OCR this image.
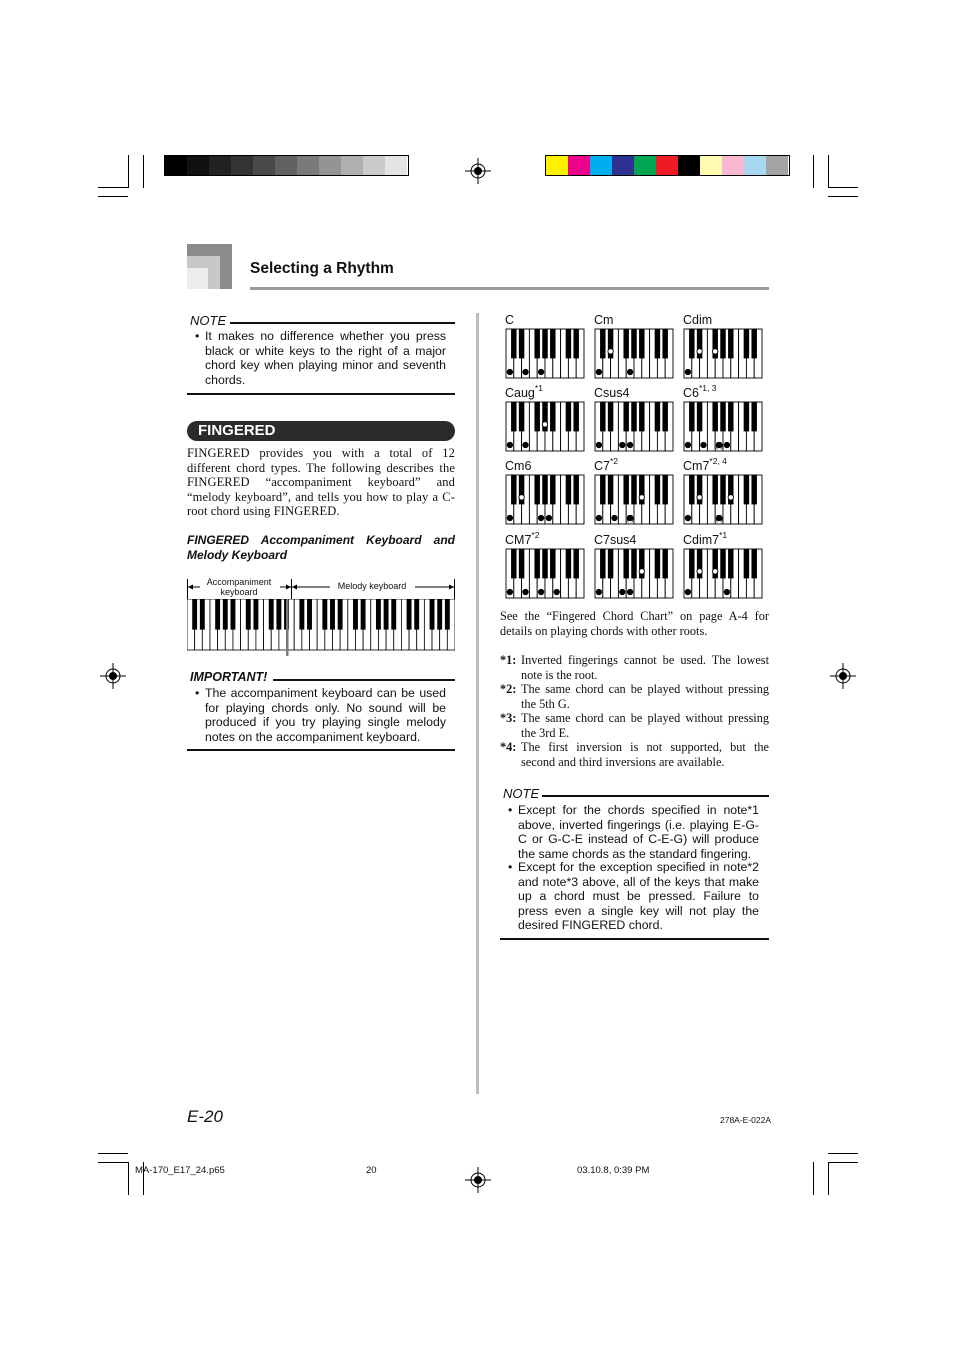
Selecting a Rhythm
NOTE
• It makes no difference whether you press black or white keys to the right of a major chord key when playing minor and seventh chords.
FINGERED
FINGERED provides you with a total of 12 different chord types. The following describes the FINGERED “accompaniment keyboard” and “melody keyboard”, and tells you how to play a C-root chord using FINGERED.
FINGERED Accompaniment Keyboard and Melody Keyboard
Accompaniment keyboard
Melody keyboard
IMPORTANT!
• The accompaniment keyboard can be used for playing chords only. No sound will be produced if you try playing single melody notes on the accompaniment keyboard.
C	Cm	Cdim
Caug$^{*1}$	Csus4	C6$^{*1, 3}$
Cm6	C7$^{*2}$	Cm7$^{*2, 4}$
CM7$^{*2}$	C7sus4	Cdim7$^{*1}$
See the “Fingered Chord Chart” on page A-4 for details on playing chords with other roots.
*1: Inverted fingerings cannot be used. The lowest note is the root.
*2: The same chord can be played without pressing the 5th G.
*3: The same chord can be played without pressing the 3rd E.
*4: The first inversion is not supported, but the second and third inversions are available.
NOTE
• Except for the chords specified in note*1 above, inverted fingerings (i.e. playing E-G-C or G-C-E instead of C-E-G) will produce the same chords as the standard fingering.
• Except for the exception specified in note*2 and note*3 above, all of the keys that make up a chord must be pressed. Failure to press even a single key will not play the desired FINGERED chord.
E-20	278A-E-022A
MA-170_E17_24.p65	20	03.10.8, 0:39 PM
